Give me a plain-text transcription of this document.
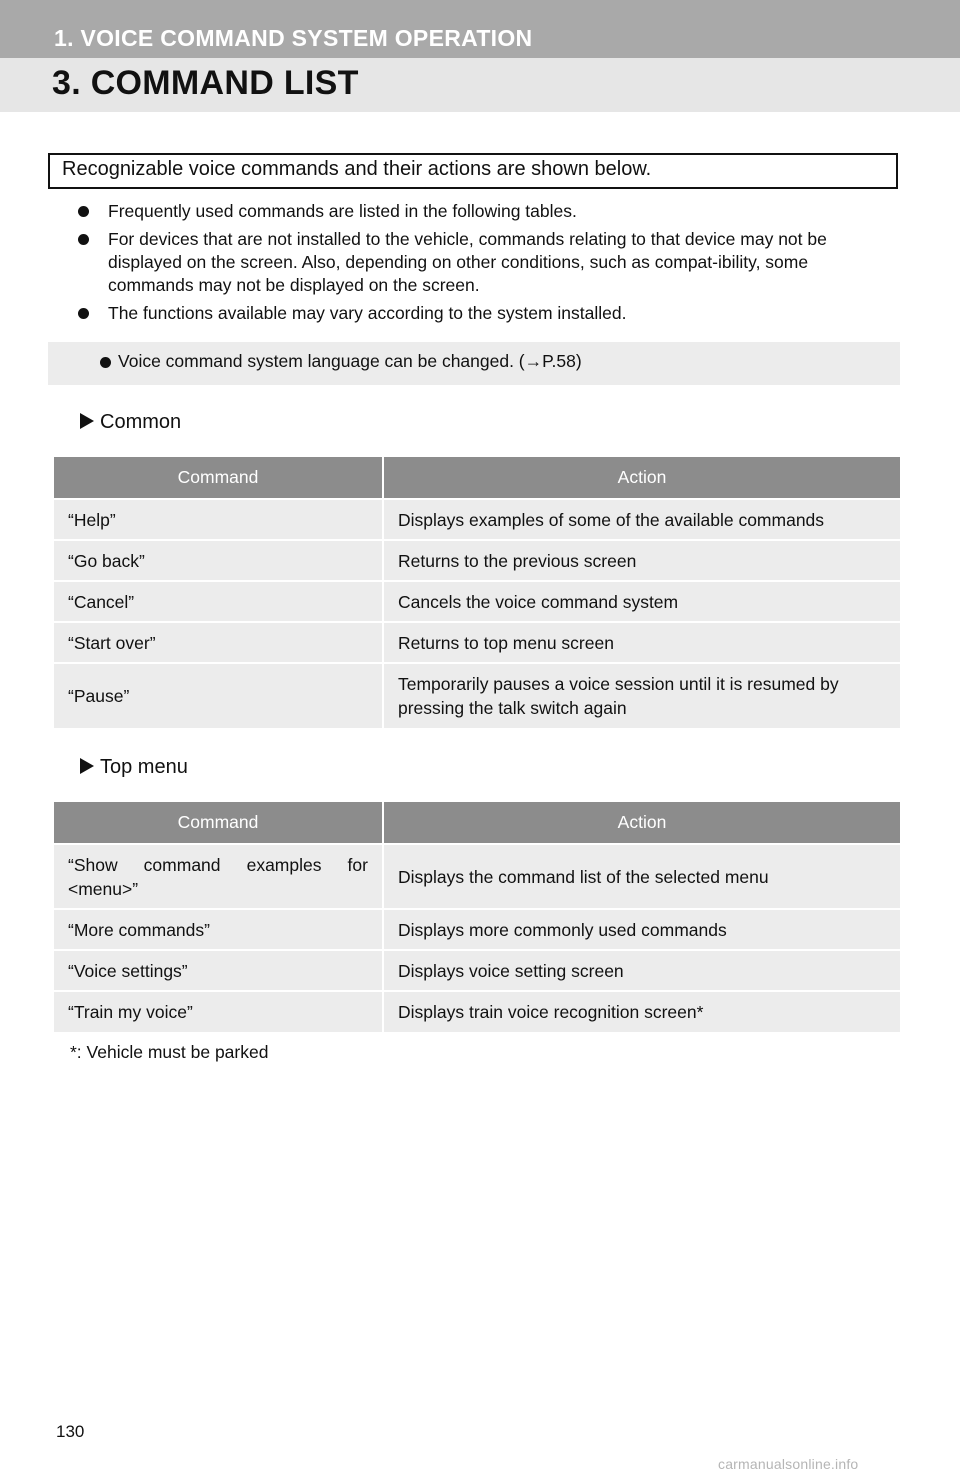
1. VOICE COMMAND SYSTEM OPERATION
3. COMMAND LIST
Recognizable voice commands and their actions are shown below.
Frequently used commands are listed in the following tables.
For devices that are not installed to the vehicle, commands relating to that device may not be displayed on the screen. Also, depending on other conditions, such as compat-ibility, some commands may not be displayed on the screen.
The functions available may vary according to the system installed.
Voice command system language can be changed. (→P.58)
Common
Command	Action
“Help”	Displays examples of some of the available commands
“Go back”	Returns to the previous screen
“Cancel”	Cancels the voice command system
“Start over”	Returns to top menu screen
“Pause”	Temporarily pauses a voice session until it is resumed by pressing the talk switch again
Top menu
Command	Action
“Show command examples for <menu>”	Displays the command list of the selected menu
“More commands”	Displays more commonly used commands
“Voice settings”	Displays voice setting screen
“Train my voice”	Displays train voice recognition screen*
*: Vehicle must be parked
130
carmanualsonline.info
